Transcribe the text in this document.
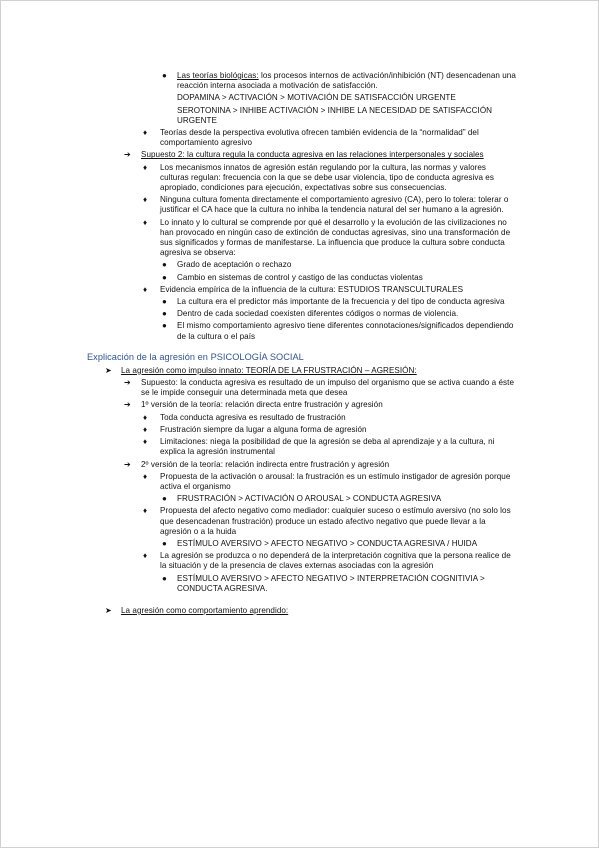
● Las teorías biológicas: los procesos internos de activación/inhibición (NT) desencadenan una reacción interna asociada a motivación de satisfacción.
DOPAMINA > ACTIVACIÓN > MOTIVACIÓN DE SATISFACCIÓN URGENTE
SEROTONINA > INHIBE ACTIVACIÓN > INHIBE LA NECESIDAD DE SATISFACCIÓN URGENTE
♦ Teorías desde la perspectiva evolutiva ofrecen también evidencia de la “normalidad” del comportamiento agresivo
➔ Supuesto 2: la cultura regula la conducta agresiva en las relaciones interpersonales y sociales
♦ Los mecanismos innatos de agresión están regulando por la cultura, las normas y valores culturas regulan: frecuencia con la que se debe usar violencia, tipo de conducta agresiva es apropiado, condiciones para ejecución, expectativas sobre sus consecuencias.
♦ Ninguna cultura fomenta directamente el comportamiento agresivo (CA), pero lo tolera: tolerar o justificar el CA hace que la cultura no inhiba la tendencia natural del ser humano a la agresión.
♦ Lo innato y lo cultural se comprende por qué el desarrollo y la evolución de las civilizaciones no han provocado en ningún caso de extinción de conductas agresivas, sino una transformación de sus significados y formas de manifestarse. La influencia que produce la cultura sobre conducta agresiva se observa:
● Grado de aceptación o rechazo
● Cambio en sistemas de control y castigo de las conductas violentas
♦ Evidencia empírica de la influencia de la cultura: ESTUDIOS TRANSCULTURALES
● La cultura era el predictor más importante de la frecuencia y del tipo de conducta agresiva
● Dentro de cada sociedad coexisten diferentes códigos o normas de violencia.
● El mismo comportamiento agresivo tiene diferentes connotaciones/significados dependiendo de la cultura o el país
Explicación de la agresión en PSICOLOGÍA SOCIAL
➤ La agresión como impulso innato: TEORÍA DE LA FRUSTRACIÓN – AGRESIÓN:
➔ Supuesto: la conducta agresiva es resultado de un impulso del organismo que se activa cuando a éste se le impide conseguir una determinada meta que desea
➔ 1º versión de la teoría: relación directa entre frustración y agresión
♦ Toda conducta agresiva es resultado de frustración
♦ Frustración siempre da lugar a alguna forma de agresión
♦ Limitaciones: niega la posibilidad de que la agresión se deba al aprendizaje y a la cultura, ni explica la agresión instrumental
➔ 2º versión de la teoría: relación indirecta entre frustración y agresión
♦ Propuesta de la activación o arousal: la frustración es un estímulo instigador de agresión porque activa el organismo
● FRUSTRACIÓN > ACTIVACIÓN O AROUSAL > CONDUCTA AGRESIVA
♦ Propuesta del afecto negativo como mediador: cualquier suceso o estímulo aversivo (no solo los que desencadenan frustración) produce un estado afectivo negativo que puede llevar a la agresión o a la huida
● ESTÍMULO AVERSIVO > AFECTO NEGATIVO > CONDUCTA AGRESIVA / HUIDA
♦ La agresión se produzca o no dependerá de la interpretación cognitiva que la persona realice de la situación y de la presencia de claves externas asociadas con la agresión
● ESTÍMULO AVERSIVO > AFECTO NEGATIVO > INTERPRETACIÓN COGNITIVIA > CONDUCTA AGRESIVA.
➤ La agresión como comportamiento aprendido:
